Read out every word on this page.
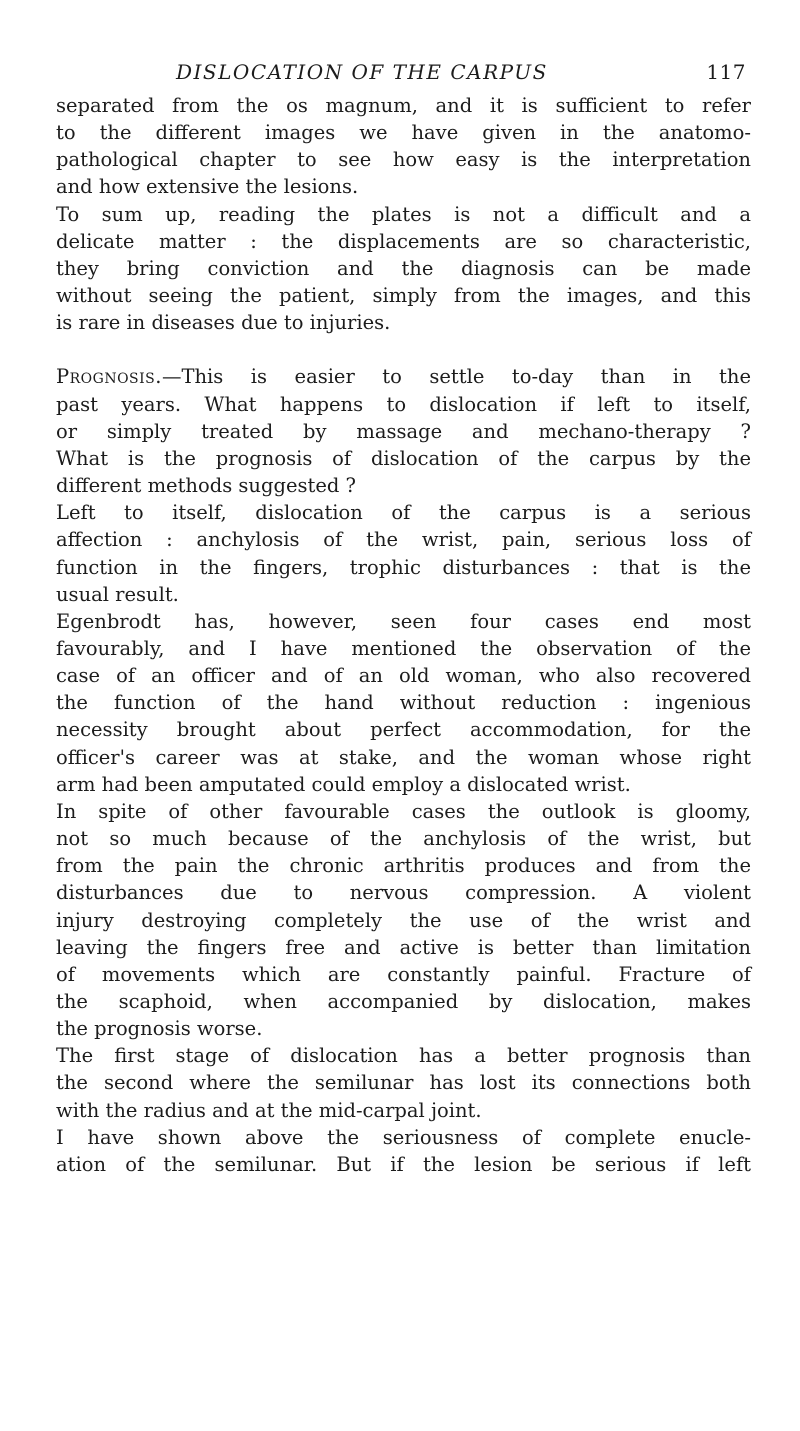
DISLOCATION OF THE CARPUS	117

separated from the os magnum, and it is sufficient to refer
to the different images we have given in the anatomo-
pathological chapter to see how easy is the interpretation
and how extensive the lesions.

To sum up, reading the plates is not a difficult and a
delicate matter : the displacements are so characteristic,
they bring conviction and the diagnosis can be made
without seeing the patient, simply from the images, and this
is rare in diseases due to injuries.

Prognosis.—This is easier to settle to-day than in the
past years. What happens to dislocation if left to itself,
or simply treated by massage and mechano-therapy ?
What is the prognosis of dislocation of the carpus by the
different methods suggested ?

Left to itself, dislocation of the carpus is a serious
affection : anchylosis of the wrist, pain, serious loss of
function in the fingers, trophic disturbances : that is the
usual result.

Egenbrodt has, however, seen four cases end most
favourably, and I have mentioned the observation of the
case of an officer and of an old woman, who also recovered
the function of the hand without reduction : ingenious
necessity brought about perfect accommodation, for the
officer's career was at stake, and the woman whose right
arm had been amputated could employ a dislocated wrist.

In spite of other favourable cases the outlook is gloomy,
not so much because of the anchylosis of the wrist, but
from the pain the chronic arthritis produces and from the
disturbances due to nervous compression. A violent
injury destroying completely the use of the wrist and
leaving the fingers free and active is better than limitation
of movements which are constantly painful. Fracture of
the scaphoid, when accompanied by dislocation, makes
the prognosis worse.

The first stage of dislocation has a better prognosis than
the second where the semilunar has lost its connections both
with the radius and at the mid-carpal joint.

I have shown above the seriousness of complete enucle-
ation of the semilunar. But if the lesion be serious if left
